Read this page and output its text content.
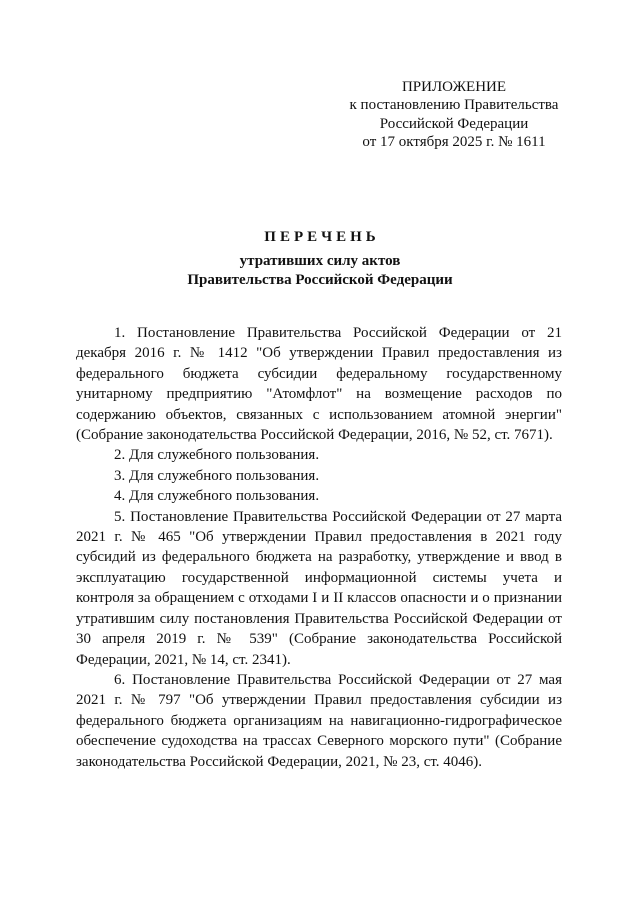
ПРИЛОЖЕНИЕ
к постановлению Правительства
Российской Федерации
от 17 октября 2025 г. № 1611
ПЕРЕЧЕНЬ
утративших силу актов
Правительства Российской Федерации

1. Постановление Правительства Российской Федерации от 21 декабря 2016 г. № 1412 "Об утверждении Правил предоставления из федерального бюджета субсидии федеральному государственному унитарному предприятию "Атомфлот" на возмещение расходов по содержанию объектов, связанных с использованием атомной энергии" (Собрание законодательства Российской Федерации, 2016, № 52, ст. 7671).

2. Для служебного пользования.

3. Для служебного пользования.

4. Для служебного пользования.

5. Постановление Правительства Российской Федерации от 27 марта 2021 г. № 465 "Об утверждении Правил предоставления в 2021 году субсидий из федерального бюджета на разработку, утверждение и ввод в эксплуатацию государственной информационной системы учета и контроля за обращением с отходами I и II классов опасности и о признании утратившим силу постановления Правительства Российской Федерации от 30 апреля 2019 г. № 539" (Собрание законодательства Российской Федерации, 2021, № 14, ст. 2341).

6. Постановление Правительства Российской Федерации от 27 мая 2021 г. № 797 "Об утверждении Правил предоставления субсидии из федерального бюджета организациям на навигационно-гидрографическое обеспечение судоходства на трассах Северного морского пути" (Собрание законодательства Российской Федерации, 2021, № 23, ст. 4046).
